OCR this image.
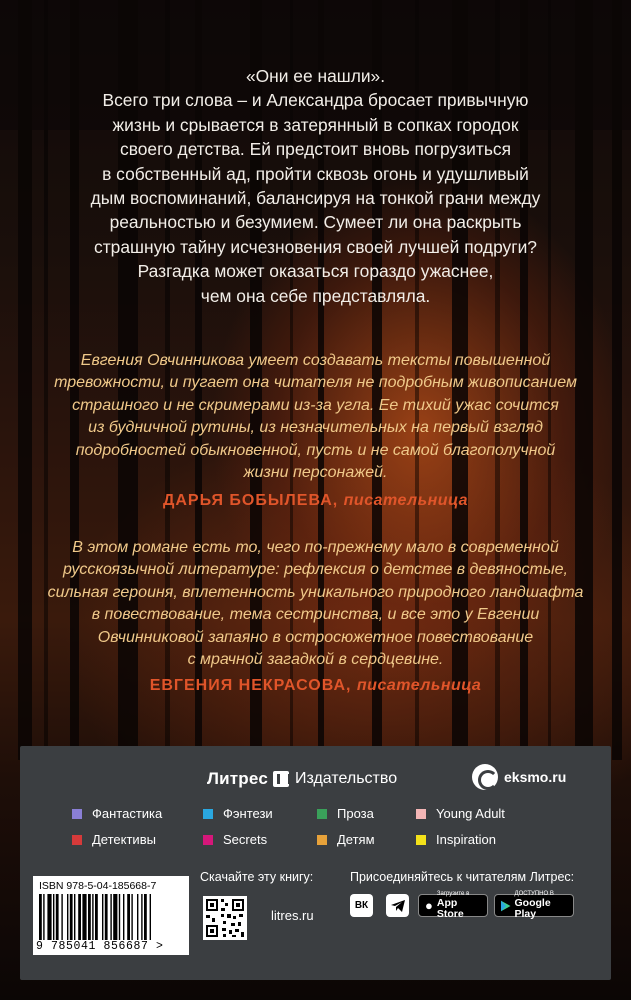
«Они ее нашли».
Всего три слова – и Александра бросает привычную
жизнь и срывается в затерянный в сопках городок
своего детства. Ей предстоит вновь погрузиться
в собственный ад, пройти сквозь огонь и удушливый
дым воспоминаний, балансируя на тонкой грани между
реальностью и безумием. Сумеет ли она раскрыть
страшную тайну исчезновения своей лучшей подруги?
Разгадка может оказаться гораздо ужаснее,
чем она себе представляла.
Евгения Овчинникова умеет создавать тексты повышенной
тревожности, и пугает она читателя не подробным живописанием
страшного и не скримерами из-за угла. Ее тихий ужас сочится
из будничной рутины, из незначительных на первый взгляд
подробностей обыкновенной, пусть и не самой благополучной
жизни персонажей.
ДАРЬЯ БОБЫЛЕВА, писательница
В этом романе есть то, чего по-прежнему мало в современной
русскоязычной литературе: рефлексия о детстве в девяностые,
сильная героиня, вплетенность уникального природного ландшафта
в повествование, тема сестринства, и все это у Евгении
Овчинниковой запаяно в остросюжетное повествование
с мрачной загадкой в сердцевине.
ЕВГЕНИЯ НЕКРАСОВА, писательница
Литрес Издательство	eksmo.ru
Фантастика	Фэнтези	Проза	Young Adult
Детективы	Secrets	Детям	Inspiration
ISBN 978-5-04-185668-7
9 785041 856687 >
Скачайте эту книгу:
litres.ru
Присоединяйтесь к читателям Литрес:
ВК	●
Загрузите в
App Store
ДОСТУПНО В
Google Play
